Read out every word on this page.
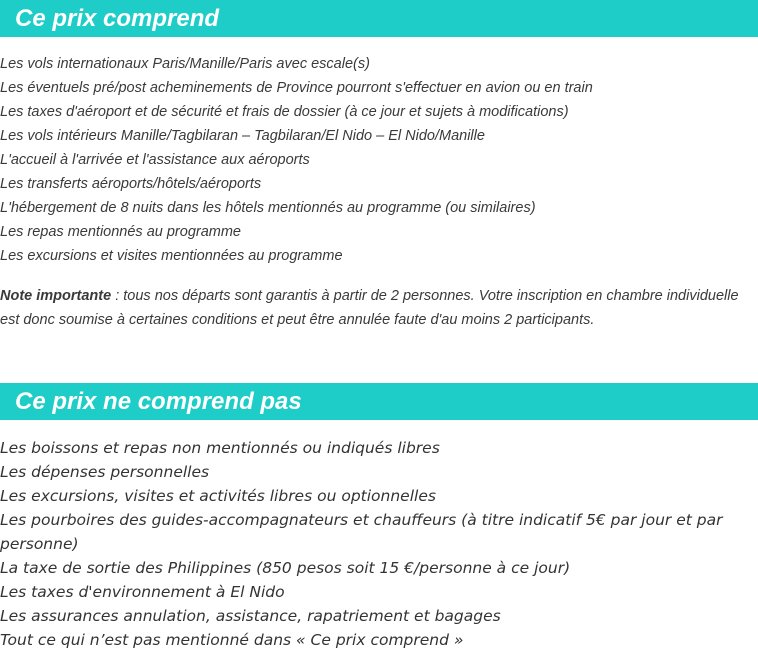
Ce prix comprend
Les vols internationaux Paris/Manille/Paris avec escale(s)
Les éventuels pré/post acheminements de Province pourront s'effectuer en avion ou en train
Les taxes d'aéroport et de sécurité et frais de dossier (à ce jour et sujets à modifications)
Les vols intérieurs Manille/Tagbilaran – Tagbilaran/El Nido – El Nido/Manille
L'accueil à l'arrivée et l'assistance aux aéroports
Les transferts aéroports/hôtels/aéroports
L'hébergement de 8 nuits dans les hôtels mentionnés au programme (ou similaires)
Les repas mentionnés au programme
Les excursions et visites mentionnées au programme

Note importante : tous nos départs sont garantis à partir de 2 personnes. Votre inscription en chambre individuelle est donc soumise à certaines conditions et peut être annulée faute d'au moins 2 participants.

Ce prix ne comprend pas
Les boissons et repas non mentionnés ou indiqués libres
Les dépenses personnelles
Les excursions, visites et activités libres ou optionnelles
Les pourboires des guides-accompagnateurs et chauffeurs (à titre indicatif 5€ par jour et par personne)
La taxe de sortie des Philippines (850 pesos soit 15 €/personne à ce jour)
Les taxes d'environnement à El Nido
Les assurances annulation, assistance, rapatriement et bagages
Tout ce qui n’est pas mentionné dans « Ce prix comprend »
